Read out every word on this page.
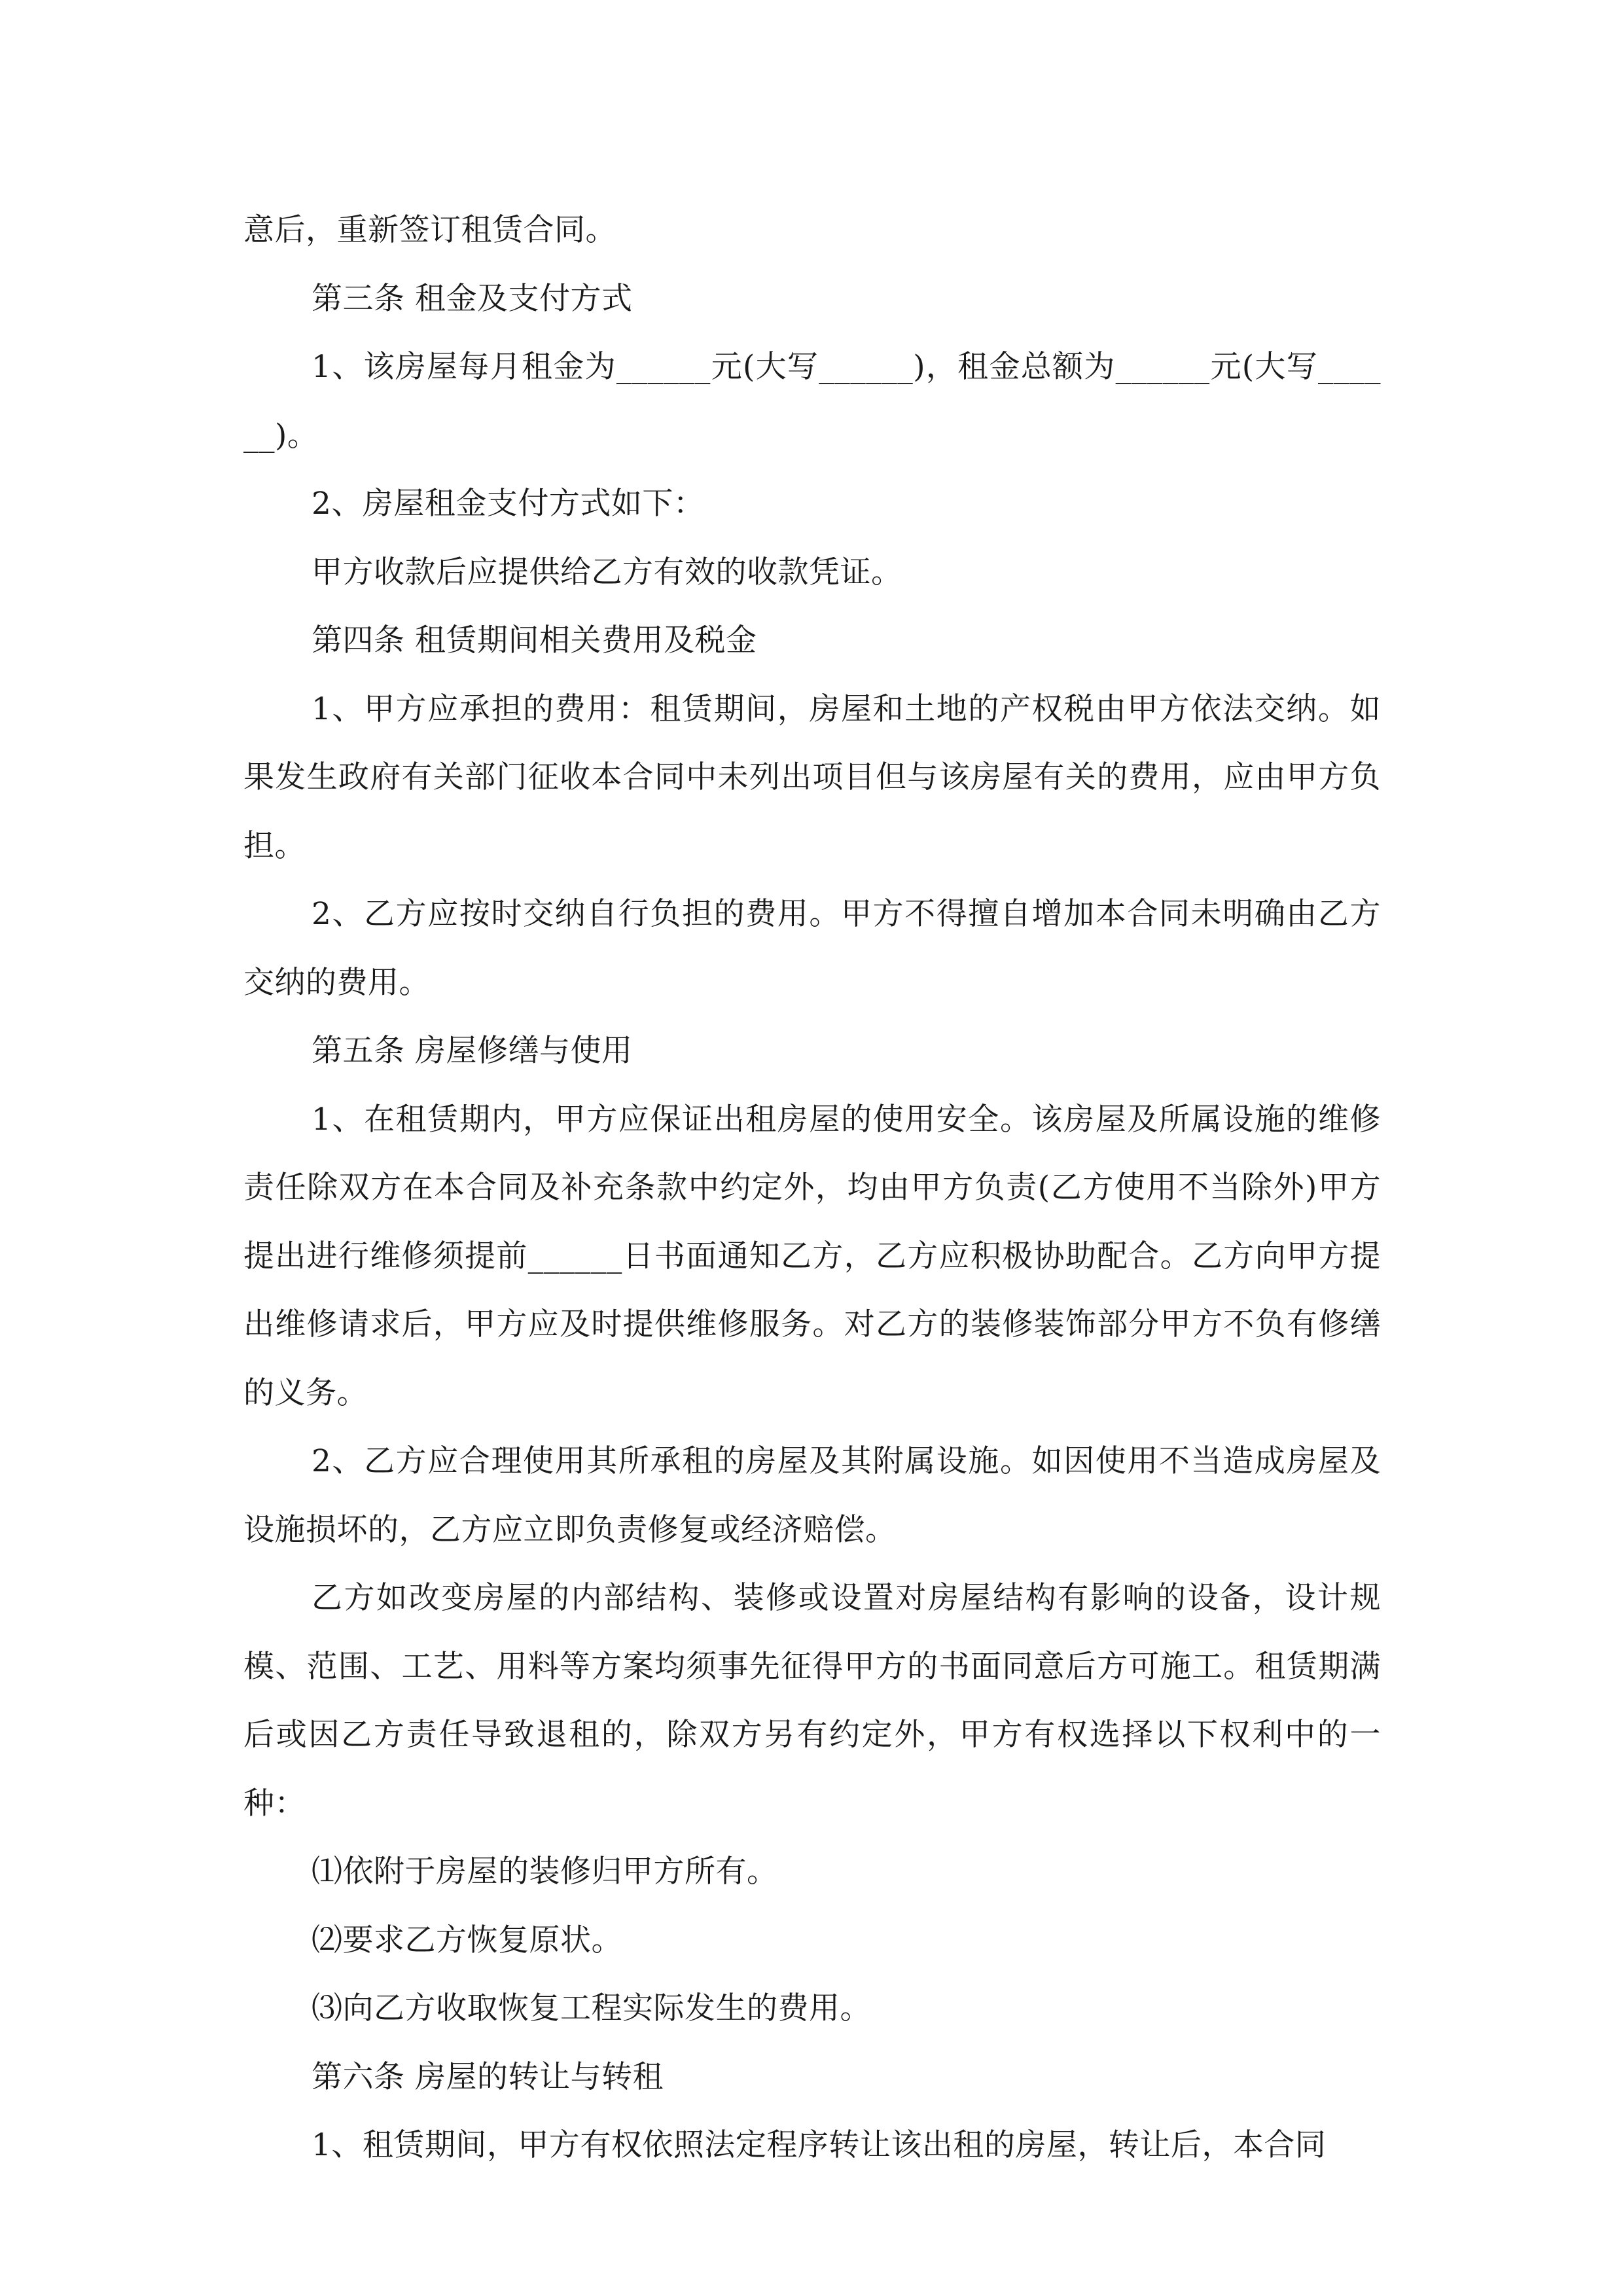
意后，重新签订租赁合同。

第三条 租金及支付方式

1、该房屋每月租金为______元(大写______)，租金总额为______元(大写______)。

2、房屋租金支付方式如下：

甲方收款后应提供给乙方有效的收款凭证。

第四条 租赁期间相关费用及税金

1、甲方应承担的费用：租赁期间，房屋和土地的产权税由甲方依法交纳。如果发生政府有关部门征收本合同中未列出项目但与该房屋有关的费用，应由甲方负担。

2、乙方应按时交纳自行负担的费用。甲方不得擅自增加本合同未明确由乙方交纳的费用。

第五条 房屋修缮与使用

1、在租赁期内，甲方应保证出租房屋的使用安全。该房屋及所属设施的维修责任除双方在本合同及补充条款中约定外，均由甲方负责(乙方使用不当除外)甲方提出进行维修须提前______日书面通知乙方，乙方应积极协助配合。乙方向甲方提出维修请求后，甲方应及时提供维修服务。对乙方的装修装饰部分甲方不负有修缮的义务。

2、乙方应合理使用其所承租的房屋及其附属设施。如因使用不当造成房屋及设施损坏的，乙方应立即负责修复或经济赔偿。

乙方如改变房屋的内部结构、装修或设置对房屋结构有影响的设备，设计规模、范围、工艺、用料等方案均须事先征得甲方的书面同意后方可施工。租赁期满后或因乙方责任导致退租的，除双方另有约定外，甲方有权选择以下权利中的一种：

⑴依附于房屋的装修归甲方所有。

⑵要求乙方恢复原状。

⑶向乙方收取恢复工程实际发生的费用。

第六条 房屋的转让与转租

1、租赁期间，甲方有权依照法定程序转让该出租的房屋，转让后，本合同
